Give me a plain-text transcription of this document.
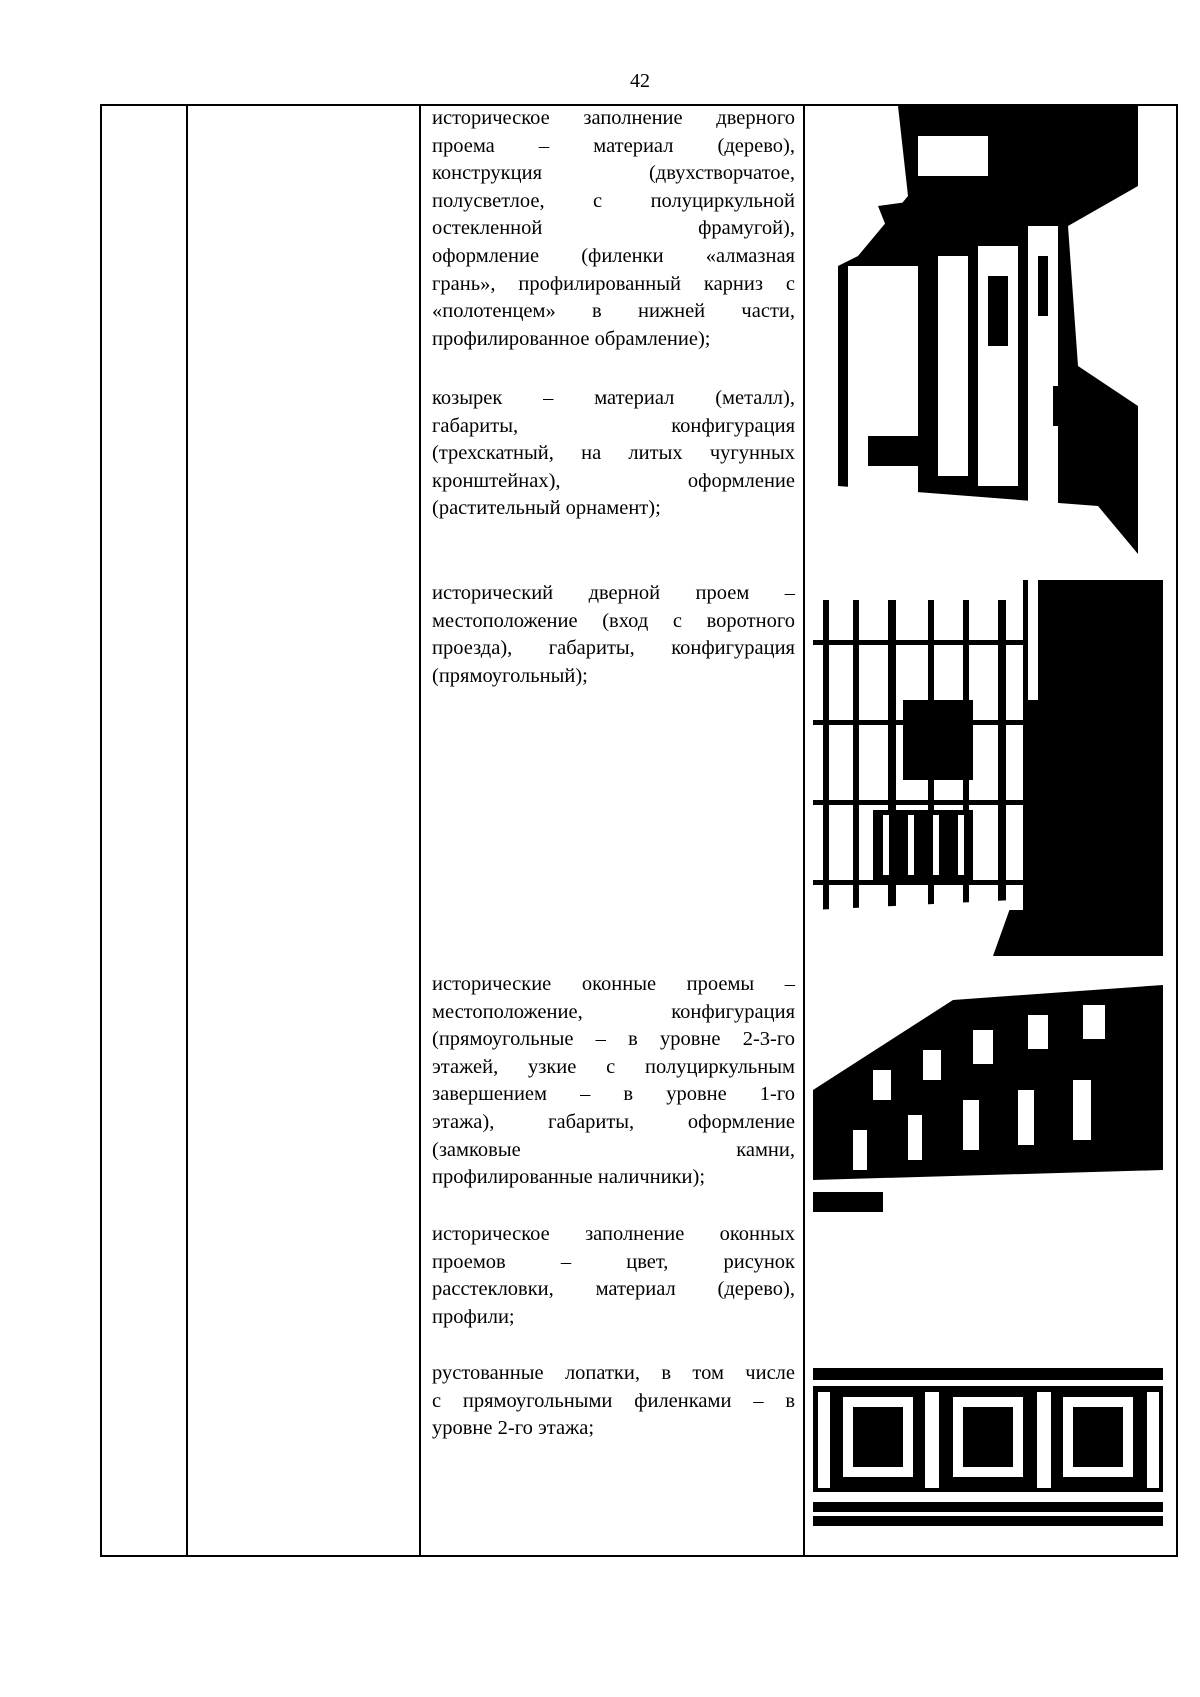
42
историческое заполнение дверного
проема – материал (дерево),
конструкция (двухстворчатое,
полусветлое, с полуциркульной
остекленной фрамугой),
оформление (филенки «алмазная
грань», профилированный карниз с
«полотенцем» в нижней части,
профилированное обрамление);
козырек – материал (металл),
габариты, конфигурация
(трехскатный, на литых чугунных
кронштейнах), оформление
(растительный орнамент);
исторический дверной проем –
местоположение (вход с воротного
проезда), габариты, конфигурация
(прямоугольный);
исторические оконные проемы –
местоположение, конфигурация
(прямоугольные – в уровне 2-3-го
этажей, узкие с полуциркульным
завершением – в уровне 1-го
этажа), габариты, оформление
(замковые камни,
профилированные наличники);
историческое заполнение оконных
проемов – цвет, рисунок
расстекловки, материал (дерево),
профили;
рустованные лопатки, в том числе
с прямоугольными филенками – в
уровне 2-го этажа;
